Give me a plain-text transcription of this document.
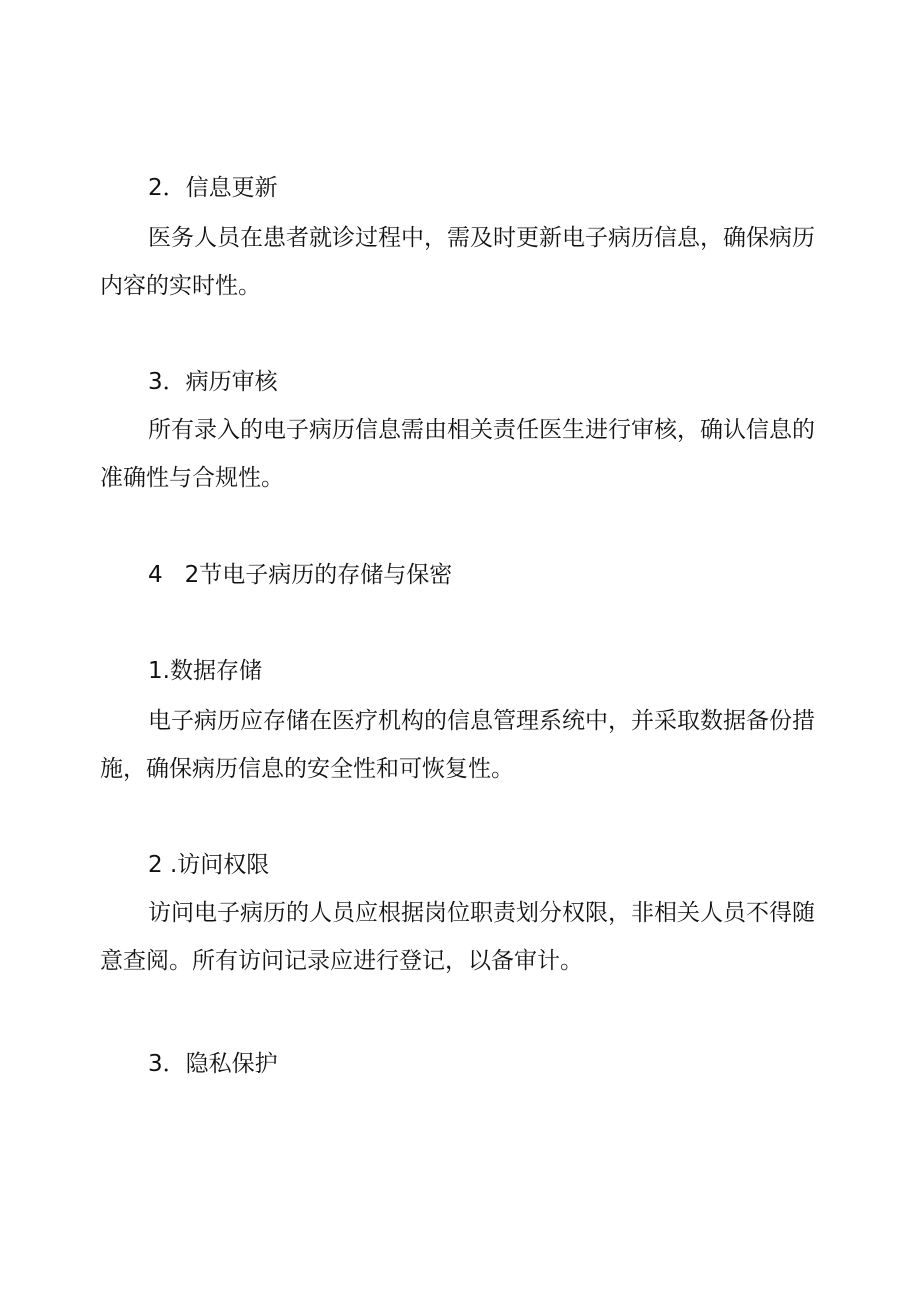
2．信息更新
医务人员在患者就诊过程中，需及时更新电子病历信息，确保病历
内容的实时性。
3．病历审核
所有录入的电子病历信息需由相关责任医生进行审核，确认信息的
准确性与合规性。
4   2节电子病历的存储与保密
1.数据存储
电子病历应存储在医疗机构的信息管理系统中，并采取数据备份措
施，确保病历信息的安全性和可恢复性。
2 .访问权限
访问电子病历的人员应根据岗位职责划分权限，非相关人员不得随
意查阅。所有访问记录应进行登记，以备审计。
3．隐私保护
